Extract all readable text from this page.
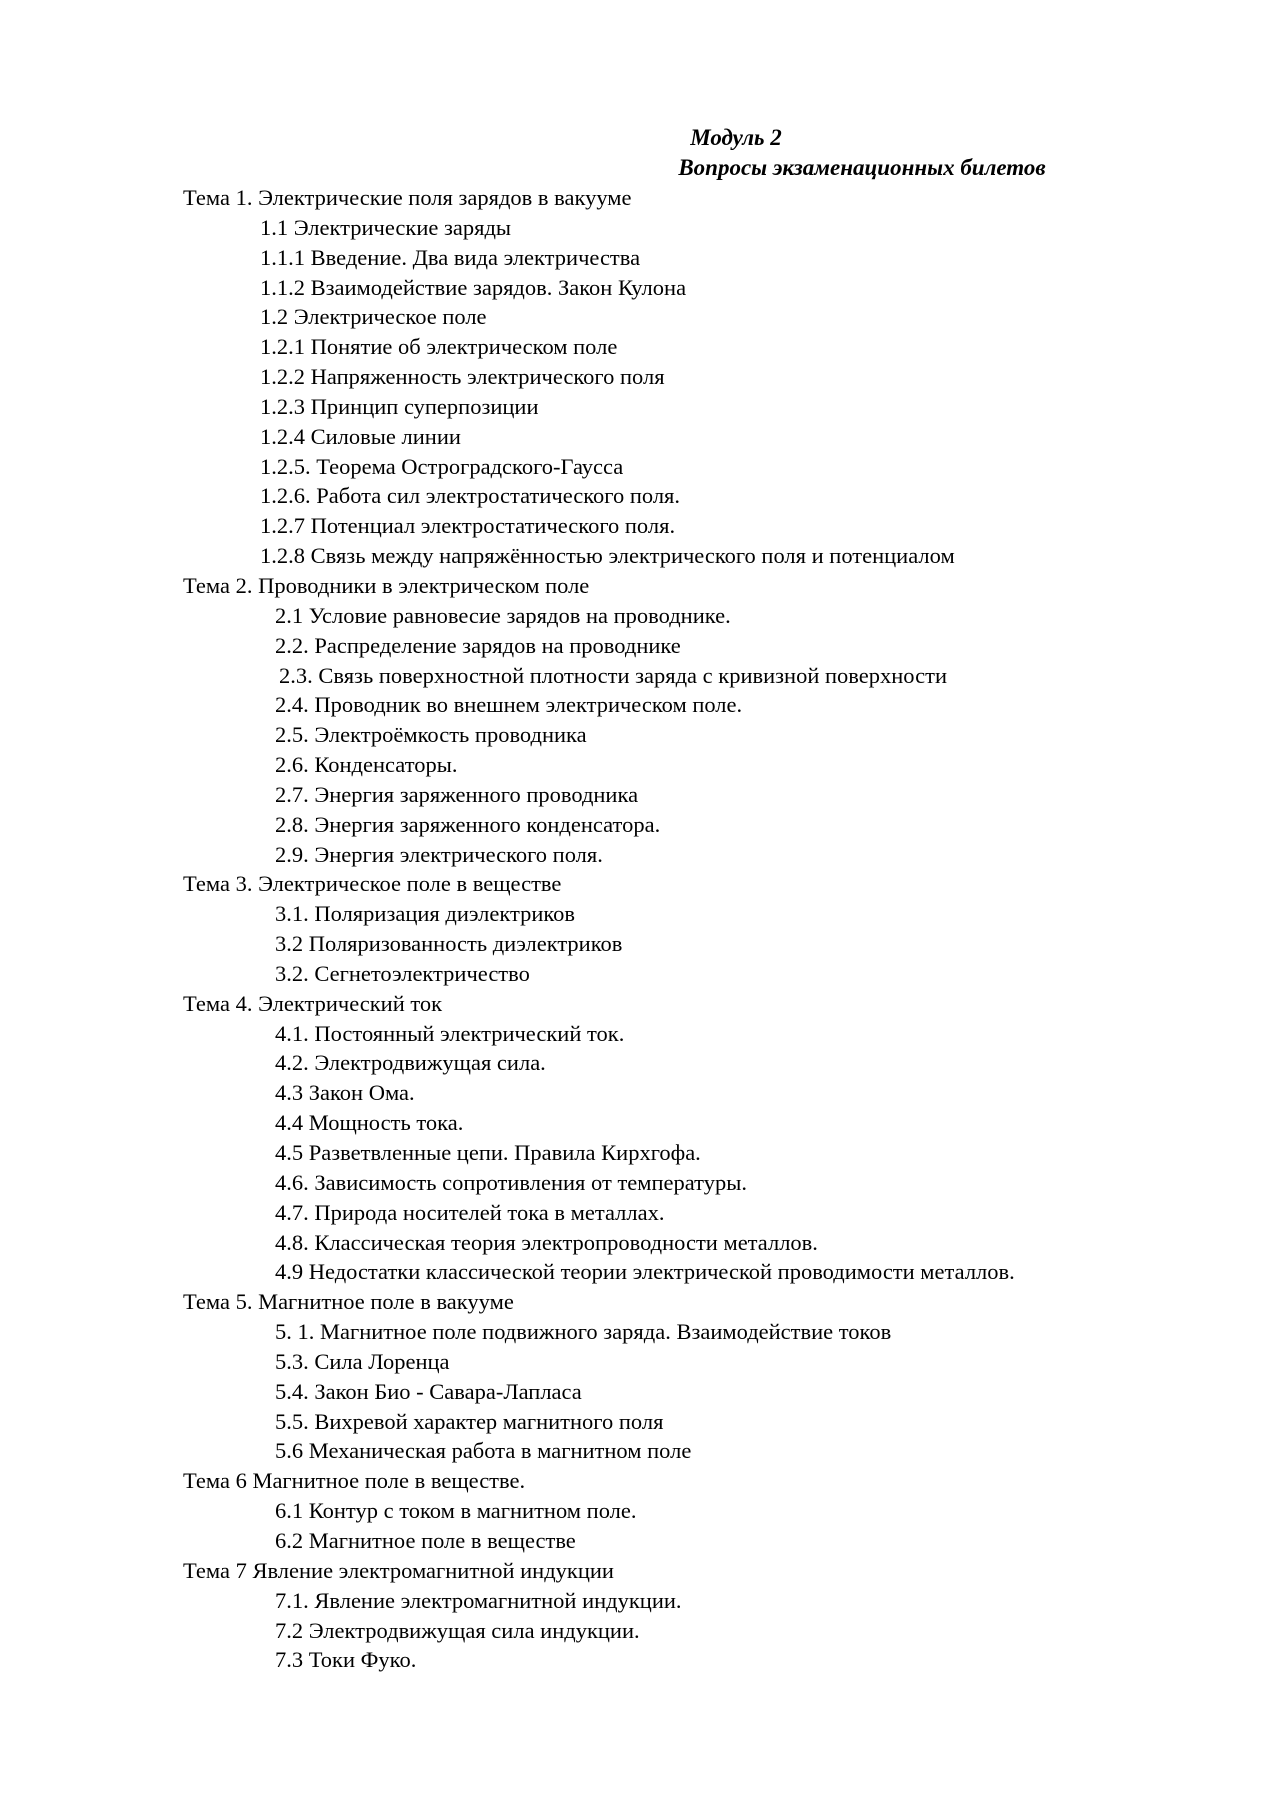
Модуль 2
Вопросы экзаменационных билетов
Тема 1. Электрические поля зарядов в вакууме
1.1 Электрические заряды
1.1.1 Введение. Два вида электричества
1.1.2 Взаимодействие зарядов. Закон Кулона
1.2 Электрическое поле
1.2.1 Понятие об электрическом поле
1.2.2 Напряженность электрического поля
1.2.3 Принцип суперпозиции
1.2.4 Силовые линии
1.2.5. Теорема Остроградского-Гаусса
1.2.6. Работа сил электростатического поля.
1.2.7 Потенциал электростатического поля.
1.2.8 Связь между напряжённостью электрического поля и потенциалом
Тема 2. Проводники в электрическом поле
2.1 Условие равновесие зарядов на проводнике.
2.2. Распределение зарядов на проводнике
2.3. Связь поверхностной плотности заряда с кривизной поверхности
2.4. Проводник во внешнем электрическом поле.
2.5. Электроёмкость проводника
2.6. Конденсаторы.
2.7. Энергия заряженного проводника
2.8. Энергия заряженного конденсатора.
2.9. Энергия электрического поля.
Тема 3. Электрическое поле в веществе
3.1. Поляризация диэлектриков
3.2 Поляризованность диэлектриков
3.2. Сегнетоэлектричество
Тема 4. Электрический ток
4.1. Постоянный электрический ток.
4.2. Электродвижущая сила.
4.3 Закон Ома.
4.4 Мощность тока.
4.5 Разветвленные цепи. Правила Кирхгофа.
4.6. Зависимость сопротивления от температуры.
4.7. Природа носителей тока в металлах.
4.8. Классическая теория электропроводности металлов.
4.9 Недостатки классической теории электрической проводимости металлов.
Тема 5. Магнитное поле в вакууме
5. 1. Магнитное поле подвижного заряда. Взаимодействие токов
5.3. Сила Лоренца
5.4. Закон Био - Савара-Лапласа
5.5. Вихревой характер магнитного поля
5.6 Механическая работа в магнитном поле
Тема 6 Магнитное поле в веществе.
6.1 Контур с током в магнитном поле.
6.2 Магнитное поле в веществе
Тема 7 Явление электромагнитной индукции
7.1. Явление электромагнитной индукции.
7.2 Электродвижущая сила индукции.
7.3 Токи Фуко.
